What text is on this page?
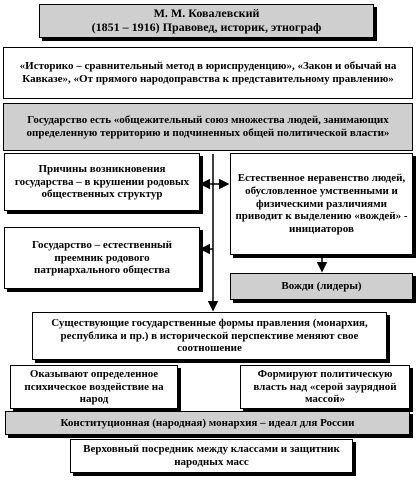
М. М. Ковалевский
(1851 – 1916) Правовед, историк, этнограф
«Историко – сравнительный метод в юриспруденцию», «Закон и обычай на Кавказе», «От прямого народоправства к представительному правлению»
Государство есть «общежительный союз множества людей, занимающих определенную территорию и подчиненных общей политической власти»
Причины возникновения государства – в крушении родовых общественных структур
Естественное неравенство людей, обусловленное умственными и физическими различиями приводит к выделению «вождей» - инициаторов
Государство – естественный преемник родового патриархального общества
Вожди (лидеры)
Существующие государственные формы правления (монархия, республика и пр.) в исторической перспективе меняют свое соотношение
Оказывают определенное психическое воздействие на народ
Формируют политическую власть над «серой заурядной массой»
Конституционная (народная) монархия – идеал для России
Верховный посредник между классами и защитник народных масс
